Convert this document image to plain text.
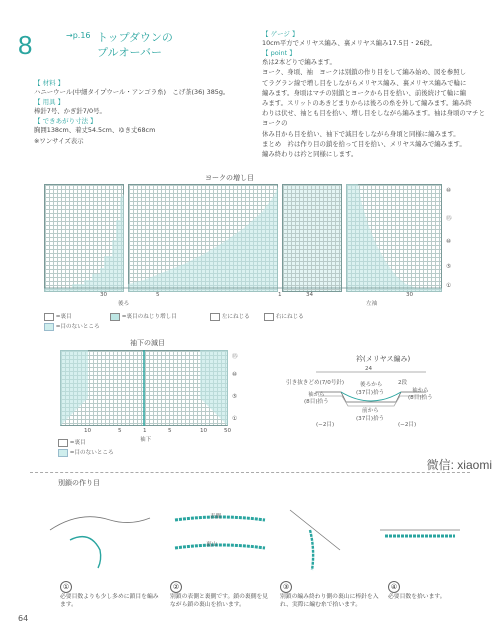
8	→p.16 トップダウンの
プルオーバー
【 材料 】
ハニーウール(中細タイプウール・アンゴラ糸)　こげ茶(36) 385g。
【 用具 】
棒針7号、かぎ針7/0号。
【 できあがり寸法 】
胸囲138cm、着丈54.5cm、ゆき丈68cm
※ワンサイズ表示
【 ゲージ 】
10cm平方でメリヤス編み、裏メリヤス編み17.5目・26段。
【 point 】
糸は2本どりで編みます。
ヨーク、身頃、袖　ヨークは別鎖の作り目をして編み始め、図を参照し
てラグラン線で増し目をしながらメリヤス編み、裏メリヤス編みで輪に
編みます。身頃はマチの別鎖とヨークから目を拾い、前後続けて輪に編
みます。スリットのあきどまりからは後ろの糸を外して編みます。編み終
わりは伏せ、袖とも目を拾い、増し目をしながら編みます。袖は身頃のマチとヨークの
休み目から目を拾い、袖下で減目をしながら身頃と同様に編みます。
まとめ　衿は作り目の鎖を拾って目を拾い、メリヤス編みで編みます。
編み終わりは衿と同様にします。
ヨークの増し目
⑩
⑮
⑩
⑤
①
30	5	1	34	30
後ろ	左袖
=裏目	=裏目のねじり増し目	左にねじる	右にねじる
=目のないところ
袖下の減目
⑮
⑩
⑤
①
10	5	1	5	10	50
袖下
=裏目
=目のないところ
衿(メリヤス編み)
24
引き抜きどめ(7/0号針)	後ろから
(37目)拾う
2段
袖から
(8目)拾う
袖から
(8目)拾う
前から
(37目)拾う
(−2目)	(−2目)
微信: xiaomi
別鎖の作り目
表側
裏山
①
必要目数よりも少し多めに鎖目を編みます。
②
別鎖の表側と裏側です。鎖の裏側を見ながら鎖の裏山を拾います。
③
別鎖の編み終わり側の裏山に棒針を入れ、実際に編む糸で拾います。
④
必要目数を拾います。
64
